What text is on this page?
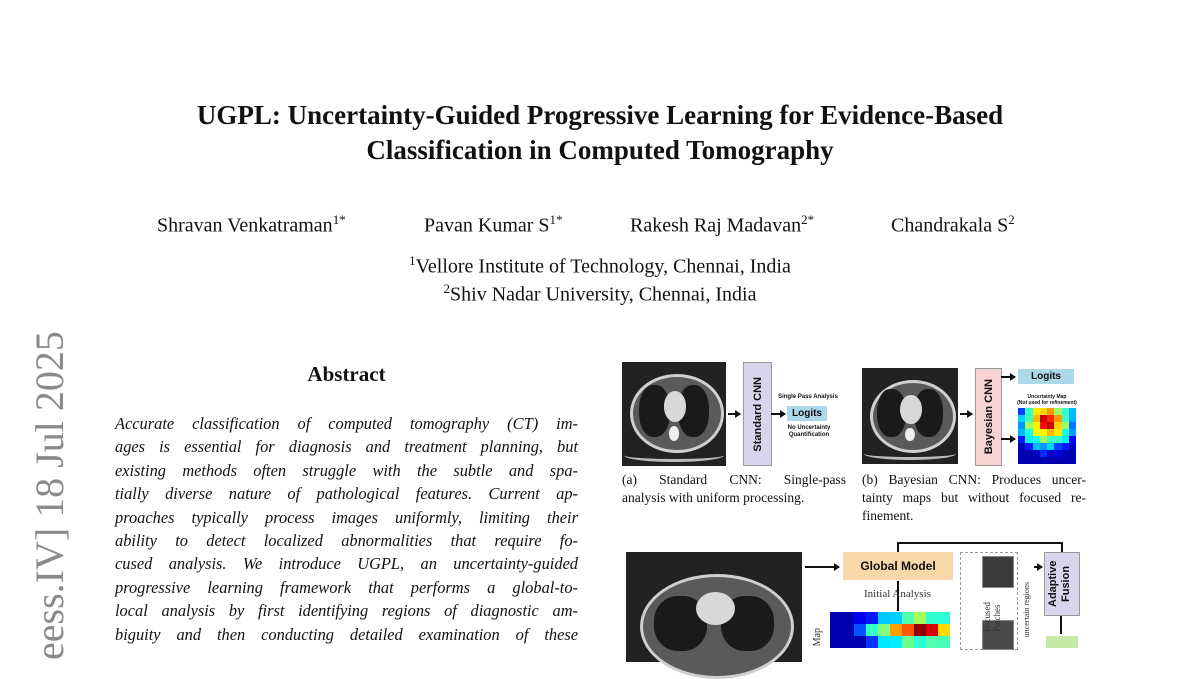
eess.IV] 18 Jul 2025
UGPL: Uncertainty-Guided Progressive Learning for Evidence-Based
Classification in Computed Tomography
Shravan Venkatraman$^{1*}$	Pavan Kumar $S^{1*}$	Rakesh Raj Madavan$^{2*}$	Chandrakala $S^2$
$^1$Vellore Institute of Technology, Chennai, India
$^2$Shiv Nadar University, Chennai, India
Abstract
Accurate classification of computed tomography (CT) im-
ages is essential for diagnosis and treatment planning, but
existing methods often struggle with the subtle and spa-
tially diverse nature of pathological features. Current ap-
proaches typically process images uniformly, limiting their
ability to detect localized abnormalities that require fo-
cused analysis. We introduce UGPL, an uncertainty-guided
progressive learning framework that performs a global-to-
local analysis by first identifying regions of diagnostic am-
biguity and then conducting detailed examination of these
Standard CNN	Single Pass Analysis
Logits
No Uncertainty
Quantification
(a) Standard CNN: Single-pass
analysis with uniform processing.
Bayesian CNN
Logits
Uncertainty Map
(Not used for refinement)
(b) Bayesian CNN: Produces uncer-
tainty maps but without focused re-
finement.
Global Model
Initial Analysis
Map
Focused Patches	uncertain regions Adaptive Fusion
